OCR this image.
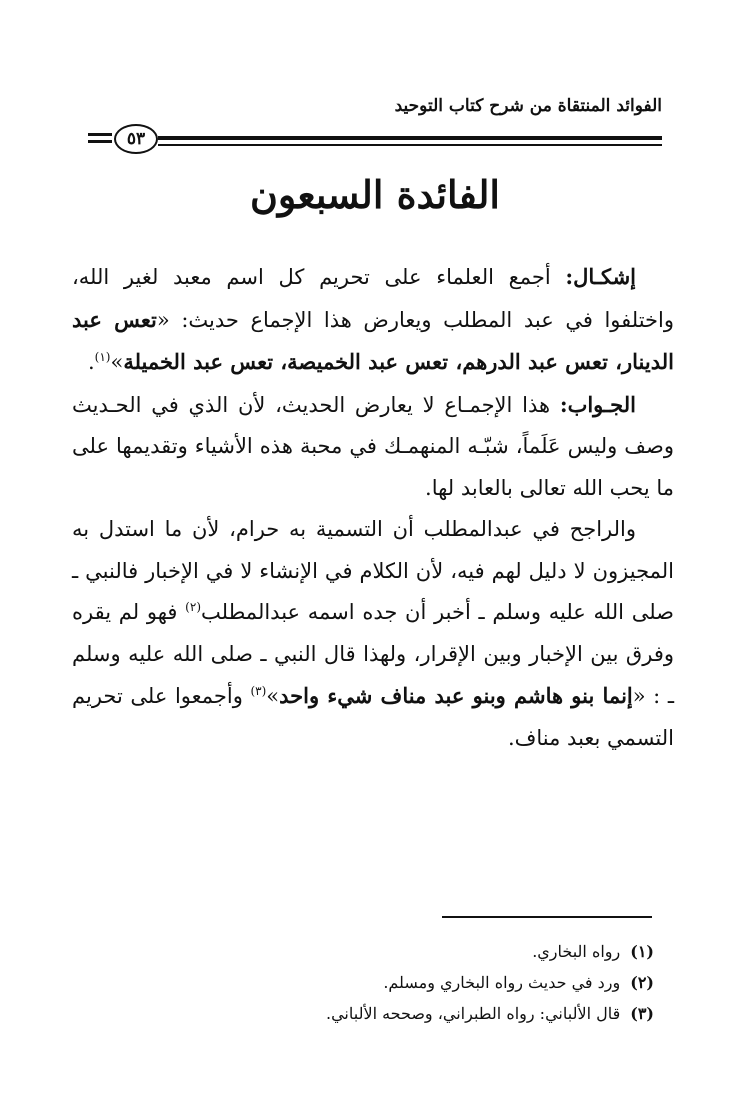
الفوائد المنتقاة من شرح كتاب التوحيد
٥٣
الفائدة السبعون

إشكـال: أجمع العلماء على تحريم كل اسم معبد لغير الله، واختلفوا في عبد المطلب ويعارض هذا الإجماع حديث: «تعس عبد الدينار، تعس عبد الدرهم، تعس عبد الخميصة، تعس عبد الخميلة»$^{(١)}$.

الجـواب: هذا الإجمـاع لا يعارض الحديث، لأن الذي في الحـديث وصف وليس عَلَماً، شبّـه المنهمـك في محبة هذه الأشياء وتقديمها على ما يحب الله تعالى بالعابد لها.

والراجح في عبدالمطلب أن التسمية به حرام، لأن ما استدل به المجيزون لا دليل لهم فيه، لأن الكلام في الإنشاء لا في الإخبار فالنبي ـ صلى الله عليه وسلم ـ أخبر أن جده اسمه عبدالمطلب$^{(٢)}$ فهو لم يقره وفرق بين الإخبار وبين الإقرار، ولهذا قال النبي ـ صلى الله عليه وسلم ـ : «إنما بنو هاشم وبنو عبد مناف شيء واحد»$^{(٣)}$ وأجمعوا على تحريم التسمي بعبد مناف.

(١)رواه البخاري.
(٢)ورد في حديث رواه البخاري ومسلم.
(٣)قال الألباني: رواه الطبراني، وصححه الألباني.
